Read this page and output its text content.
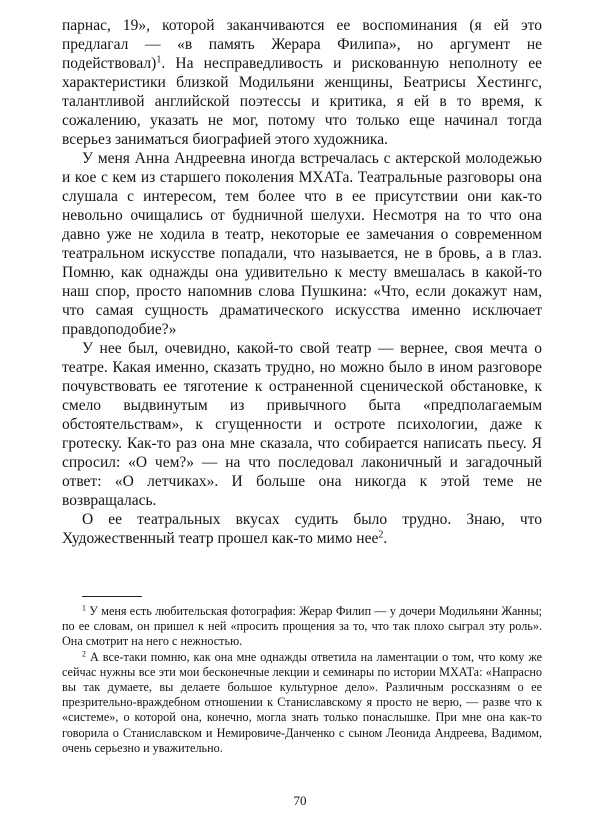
парнас, 19», которой заканчиваются ее воспоминания (я ей это предлагал — «в память Жерара Филипа», но аргумент не подействовал)$^1$. На несправедливость и рискованную неполноту ее характеристики близкой Модильяни женщины, Беатрисы Хестингс, талантливой английской поэтессы и критика, я ей в то время, к сожалению, указать не мог, потому что только еще начинал тогда всерьез заниматься биографией этого художника.

У меня Анна Андреевна иногда встречалась с актерской молодежью и кое с кем из старшего поколения МХАТа. Театральные разговоры она слушала с интересом, тем более что в ее присутствии они как-то невольно очищались от будничной шелухи. Несмотря на то что она давно уже не ходила в театр, некоторые ее замечания о современном театральном искусстве попадали, что называется, не в бровь, а в глаз. Помню, как однажды она удивительно к месту вмешалась в какой-то наш спор, просто напомнив слова Пушкина: «Что, если докажут нам, что самая сущность драматического искусства именно исключает правдоподобие?»

У нее был, очевидно, какой-то свой театр — вернее, своя мечта о театре. Какая именно, сказать трудно, но можно было в ином разговоре почувствовать ее тяготение к остраненной сценической обстановке, к смело выдвинутым из привычного быта «предполагаемым обстоятельствам», к сгущенности и остроте психологии, даже к гротеску. Как-то раз она мне сказала, что собирается написать пьесу. Я спросил: «О чем?» — на что последовал лаконичный и загадочный ответ: «О летчиках». И больше она никогда к этой теме не возвращалась.

О ее театральных вкусах судить было трудно. Знаю, что Художественный театр прошел как-то мимо нее$^2$.

$^1$ У меня есть любительская фотография: Жерар Филип — у дочери Модильяни Жанны; по ее словам, он пришел к ней «просить прощения за то, что так плохо сыграл эту роль». Она смотрит на него с нежностью.

$^2$ А все-таки помню, как она мне однажды ответила на ламентации о том, что кому же сейчас нужны все эти мои бесконечные лекции и семинары по истории МХАТа: «Напрасно вы так думаете, вы делаете большое культурное дело». Различным россказням о ее презрительно-враждебном отношении к Станиславскому я просто не верю, — разве что к «системе», о которой она, конечно, могла знать только понаслышке. При мне она как-то говорила о Станиславском и Немировиче-Данченко с сыном Леонида Андреева, Вадимом, очень серьезно и уважительно.

70
